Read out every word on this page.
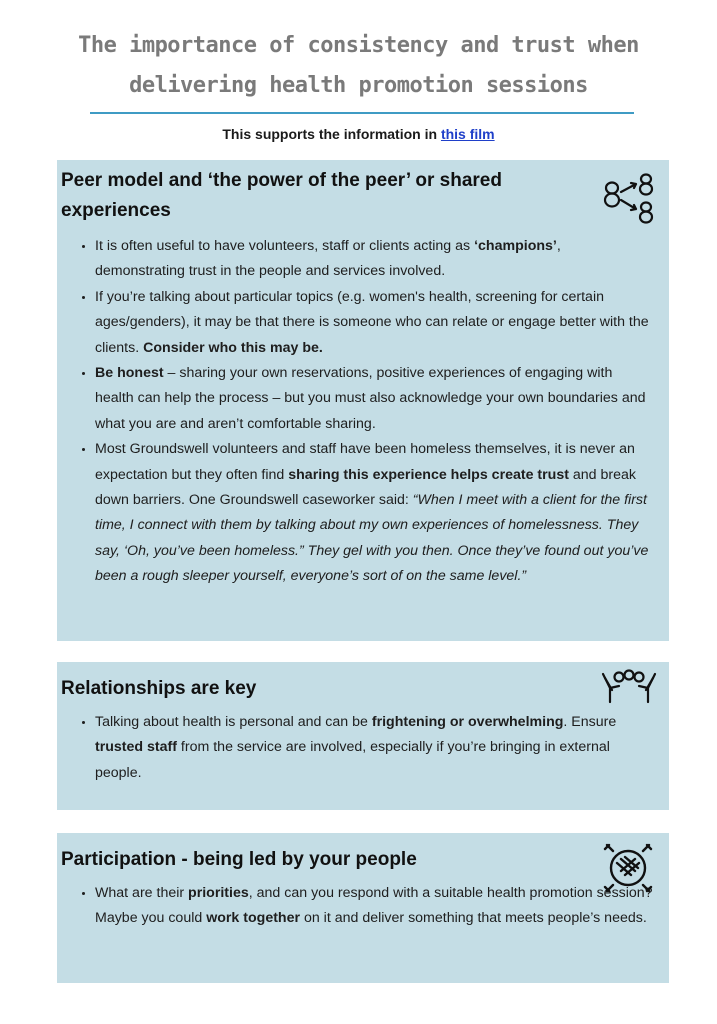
The importance of consistency and trust when
delivering health promotion sessions
This supports the information in this film
Peer model and ‘the power of the peer’ or shared experiences
• It is often useful to have volunteers, staff or clients acting as ‘champions’, demonstrating trust in the people and services involved.
• If you’re talking about particular topics (e.g. women's health, screening for certain ages/genders), it may be that there is someone who can relate or engage better with the clients. Consider who this may be.
• Be honest – sharing your own reservations, positive experiences of engaging with health can help the process – but you must also acknowledge your own boundaries and what you are and aren’t comfortable sharing.
• Most Groundswell volunteers and staff have been homeless themselves, it is never an expectation but they often find sharing this experience helps create trust and break down barriers. One Groundswell caseworker said: “When I meet with a client for the first time, I connect with them by talking about my own experiences of homelessness. They say, ‘Oh, you’ve been homeless.” They gel with you then. Once they’ve found out you’ve been a rough sleeper yourself, everyone’s sort of on the same level.”
Relationships are key
• Talking about health is personal and can be frightening or overwhelming. Ensure trusted staff from the service are involved, especially if you’re bringing in external people.
Participation - being led by your people
• What are their priorities, and can you respond with a suitable health promotion session? Maybe you could work together on it and deliver something that meets people’s needs.
